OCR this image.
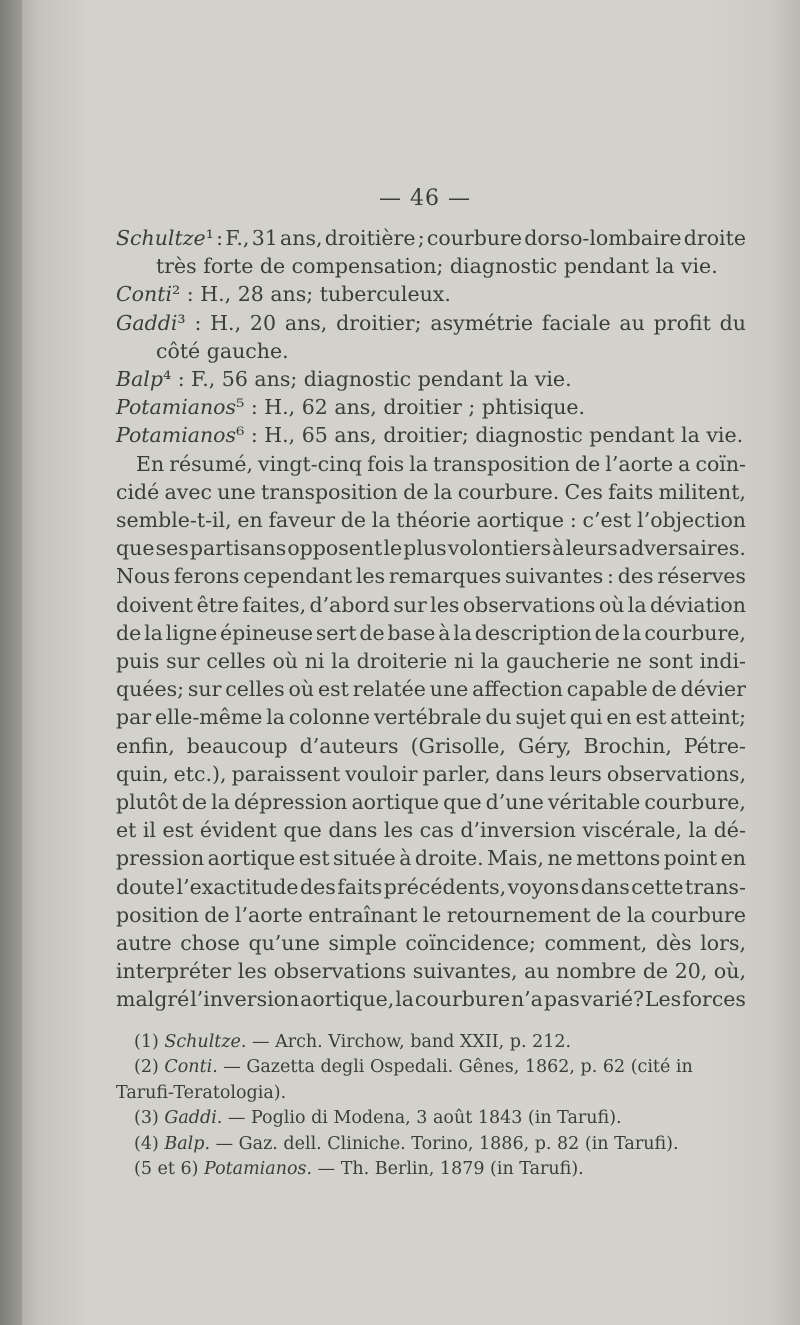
— 46 —
Schultze¹ : F., 31 ans, droitière ; courbure dorso-lombaire droite
très forte de compensation; diagnostic pendant la vie.
Conti² : H., 28 ans; tuberculeux.
Gaddi³ : H., 20 ans, droitier; asymétrie faciale au profit du
côté gauche.
Balp⁴ : F., 56 ans; diagnostic pendant la vie.
Potamianos⁵ : H., 62 ans, droitier ; phtisique.
Potamianos⁶ : H., 65 ans, droitier; diagnostic pendant la vie.
En résumé, vingt-cinq fois la transposition de l’aorte a coïn-
cidé avec une transposition de la courbure. Ces faits militent,
semble-t-il, en faveur de la théorie aortique : c’est l’objection
que ses partisans opposent le plus volontiers à leurs adversaires.
Nous ferons cependant les remarques suivantes : des réserves
doivent être faites, d’abord sur les observations où la déviation
de la ligne épineuse sert de base à la description de la courbure,
puis sur celles où ni la droiterie ni la gaucherie ne sont indi-
quées; sur celles où est relatée une affection capable de dévier
par elle-même la colonne vertébrale du sujet qui en est atteint;
enfin, beaucoup d’auteurs (Grisolle, Géry, Brochin, Pétre-
quin, etc.), paraissent vouloir parler, dans leurs observations,
plutôt de la dépression aortique que d’une véritable courbure,
et il est évident que dans les cas d’inversion viscérale, la dé-
pression aortique est située à droite. Mais, ne mettons point en
doute l’exactitude des faits précédents, voyons dans cette trans-
position de l’aorte entraînant le retournement de la courbure
autre chose qu’une simple coïncidence; comment, dès lors,
interpréter les observations suivantes, au nombre de 20, où,
malgré l’inversion aortique, la courbure n’a pas varié? Les forces
(1) Schultze. — Arch. Virchow, band XXII, p. 212.
(2) Conti. — Gazetta degli Ospedali. Gênes, 1862, p. 62 (cité in
Tarufi-Teratologia).
(3) Gaddi. — Poglio di Modena, 3 août 1843 (in Tarufi).
(4) Balp. — Gaz. dell. Cliniche. Torino, 1886, p. 82 (in Tarufi).
(5 et 6) Potamianos. — Th. Berlin, 1879 (in Tarufi).
